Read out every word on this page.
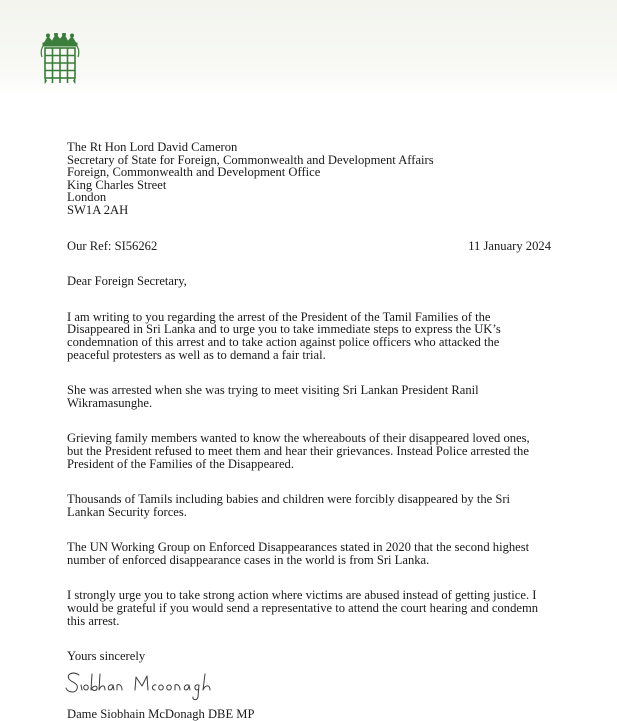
The Rt Hon Lord David Cameron
Secretary of State for Foreign, Commonwealth and Development Affairs
Foreign, Commonwealth and Development Office
King Charles Street
London
SW1A 2AH
Our Ref: SI56262	11 January 2024
Dear Foreign Secretary,
I am writing to you regarding the arrest of the President of the Tamil Families of the
Disappeared in Sri Lanka and to urge you to take immediate steps to express the UK’s
condemnation of this arrest and to take action against police officers who attacked the
peaceful protesters as well as to demand a fair trial.
She was arrested when she was trying to meet visiting Sri Lankan President Ranil
Wikramasunghe.
Grieving family members wanted to know the whereabouts of their disappeared loved ones,
but the President refused to meet them and hear their grievances. Instead Police arrested the
President of the Families of the Disappeared.
Thousands of Tamils including babies and children were forcibly disappeared by the Sri
Lankan Security forces.
The UN Working Group on Enforced Disappearances stated in 2020 that the second highest
number of enforced disappearance cases in the world is from Sri Lanka.
I strongly urge you to take strong action where victims are abused instead of getting justice. I
would be grateful if you would send a representative to attend the court hearing and condemn
this arrest.
Yours sincerely
Dame Siobhain McDonagh DBE MP
